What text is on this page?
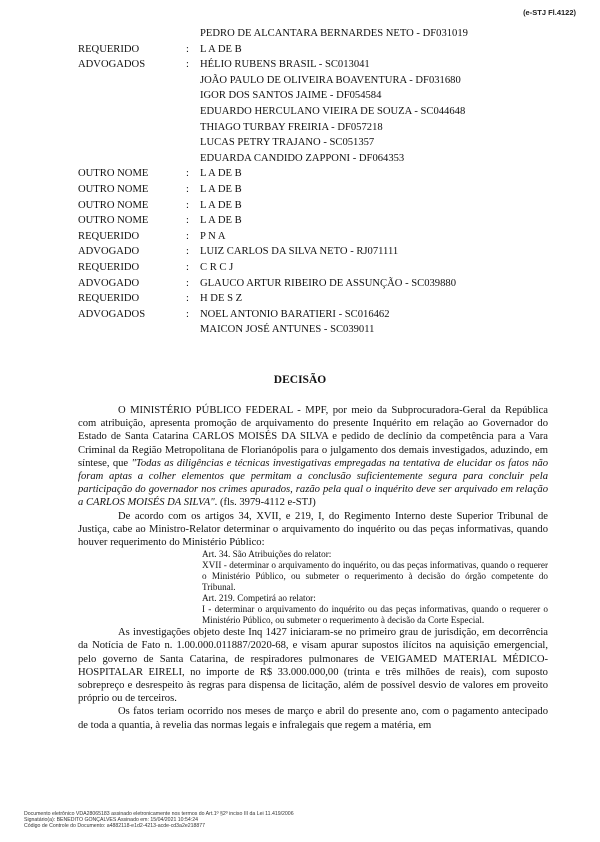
(e-STJ Fl.4122)
PEDRO DE ALCANTARA BERNARDES NETO - DF031019
REQUERIDO	:	L A DE B
ADVOGADOS	:	HÉLIO RUBENS BRASIL - SC013041
JOÃO PAULO DE OLIVEIRA BOAVENTURA - DF031680
IGOR DOS SANTOS JAIME - DF054584
EDUARDO HERCULANO VIEIRA DE SOUZA - SC044648
THIAGO TURBAY FREIRIA - DF057218
LUCAS PETRY TRAJANO - SC051357
EDUARDA CANDIDO ZAPPONI - DF064353
OUTRO NOME	:	L A DE B
OUTRO NOME	:	L A DE B
OUTRO NOME	:	L A DE B
OUTRO NOME	:	L A DE B
REQUERIDO	:	P N A
ADVOGADO	:	LUIZ CARLOS DA SILVA NETO - RJ071111
REQUERIDO	:	C R C J
ADVOGADO	:	GLAUCO ARTUR RIBEIRO DE ASSUNÇÃO - SC039880
REQUERIDO	:	H DE S Z
ADVOGADOS	:	NOEL ANTONIO BARATIERI - SC016462
MAICON JOSÉ ANTUNES - SC039011
DECISÃO

O MINISTÉRIO PÚBLICO FEDERAL - MPF, por meio da Subprocuradora-Geral da República com atribuição, apresenta promoção de arquivamento do presente Inquérito em relação ao Governador do Estado de Santa Catarina CARLOS MOISÉS DA SILVA e pedido de declínio da competência para a Vara Criminal da Região Metropolitana de Florianópolis para o julgamento dos demais investigados, aduzindo, em síntese, que "Todas as diligências e técnicas investigativas empregadas na tentativa de elucidar os fatos não foram aptas a colher elementos que permitam a conclusão suficientemente segura para concluir pela participação do governador nos crimes apurados, razão pela qual o inquérito deve ser arquivado em relação a CARLOS MOISÉS DA SILVA". (fls. 3979-4112 e-STJ)

De acordo com os artigos 34, XVII, e 219, I, do Regimento Interno deste Superior Tribunal de Justiça, cabe ao Ministro-Relator determinar o arquivamento do inquérito ou das peças informativas, quando houver requerimento do Ministério Público:

Art. 34. São Atribuições do relator:
XVII - determinar o arquivamento do inquérito, ou das peças informativas, quando o requerer o Ministério Público, ou submeter o requerimento à decisão do órgão competente do Tribunal.
Art. 219. Competirá ao relator:
I - determinar o arquivamento do inquérito ou das peças informativas, quando o requerer o Ministério Público, ou submeter o requerimento à decisão da Corte Especial.

As investigações objeto deste Inq 1427 iniciaram-se no primeiro grau de jurisdição, em decorrência da Notícia de Fato n. 1.00.000.011887/2020-68, e visam apurar supostos ilícitos na aquisição emergencial, pelo governo de Santa Catarina, de respiradores pulmonares de VEIGAMED MATERIAL MÉDICO-HOSPITALAR EIRELI, no importe de R$ 33.000.000,00 (trinta e três milhões de reais), com suposto sobrepreço e desrespeito às regras para dispensa de licitação, além de possível desvio de valores em proveito próprio ou de terceiros.

Os fatos teriam ocorrido nos meses de março e abril do presente ano, com o pagamento antecipado de toda a quantia, à revelia das normas legais e infralegais que regem a matéria, em

Documento eletrônico VDA28065183 assinado eletronicamente nos termos do Art.1º §2º inciso III da Lei 11.419/2006
Signatário(a): BENEDITO GONÇALVES Assinado em: 15/04/2021 10:54:24
Código de Controle do Documento: a4882118-e1d2-4213-acde-cd3a2e218877
